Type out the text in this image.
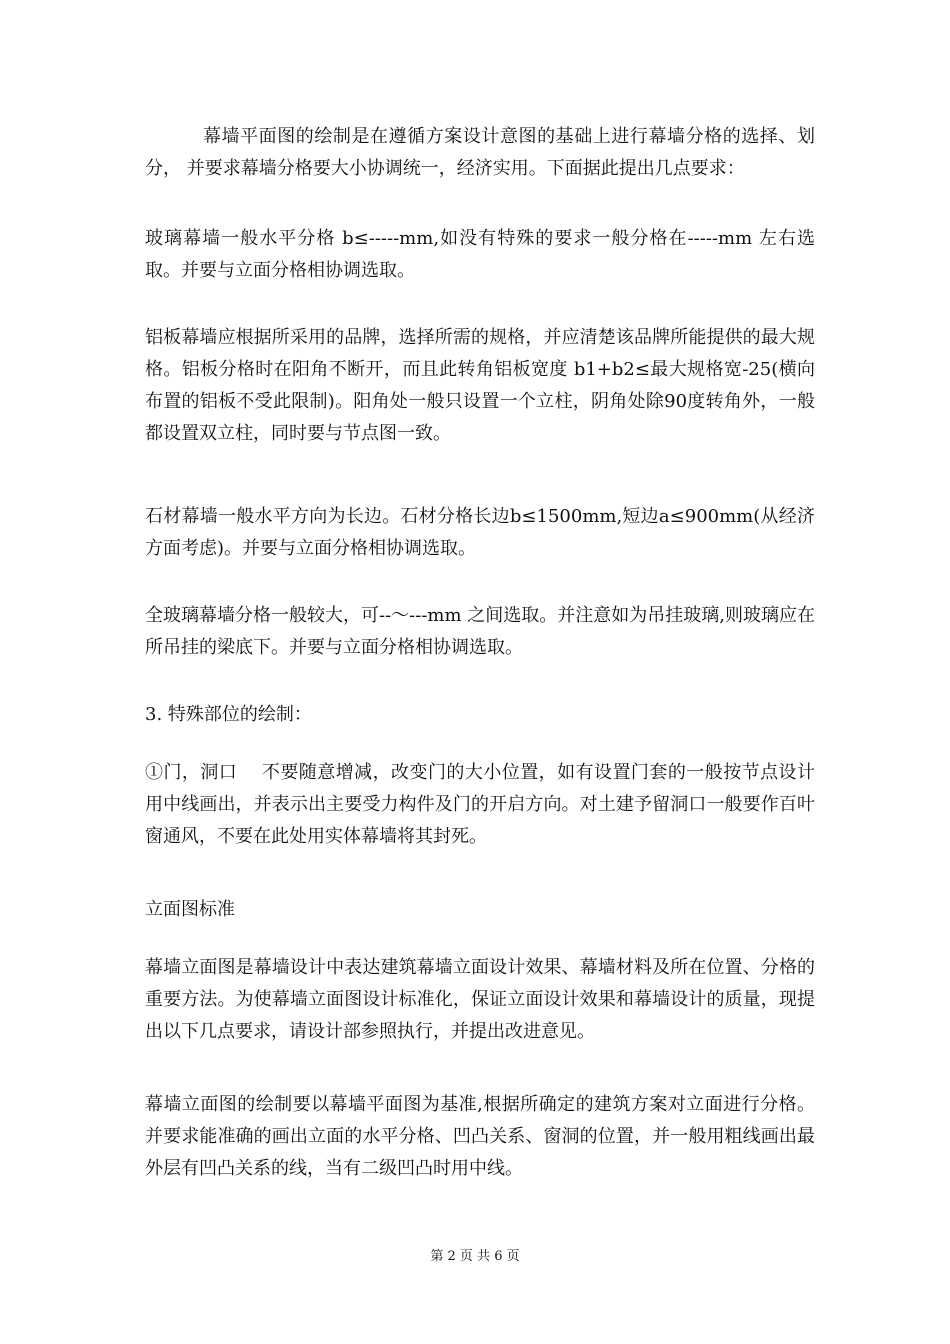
幕墙平面图的绘制是在遵循方案设计意图的基础上进行幕墙分格的选择、划分， 并要求幕墙分格要大小协调统一，经济实用。下面据此提出几点要求：

玻璃幕墙一般水平分格 b≤-----mm,如没有特殊的要求一般分格在-----mm 左右选取。并要与立面分格相协调选取。

铝板幕墙应根据所采用的品牌，选择所需的规格，并应清楚该品牌所能提供的最大规格。铝板分格时在阳角不断开，而且此转角铝板宽度 b1+b2≤最大规格宽-25(横向布置的铝板不受此限制)。阳角处一般只设置一个立柱，阴角处除90度转角外，一般都设置双立柱，同时要与节点图一致。

石材幕墙一般水平方向为长边。石材分格长边b≤1500mm,短边a≤900mm(从经济方面考虑)。并要与立面分格相协调选取。

全玻璃幕墙分格一般较大，可--～---mm 之间选取。并注意如为吊挂玻璃,则玻璃应在所吊挂的梁底下。并要与立面分格相协调选取。

3. 特殊部位的绘制：

①门，洞口　 不要随意增减，改变门的大小位置，如有设置门套的一般按节点设计用中线画出，并表示出主要受力构件及门的开启方向。对土建予留洞口一般要作百叶窗通风，不要在此处用实体幕墙将其封死。

立面图标准

幕墙立面图是幕墙设计中表达建筑幕墙立面设计效果、幕墙材料及所在位置、分格的重要方法。为使幕墙立面图设计标准化，保证立面设计效果和幕墙设计的质量，现提出以下几点要求，请设计部参照执行，并提出改进意见。

幕墙立面图的绘制要以幕墙平面图为基准,根据所确定的建筑方案对立面进行分格。并要求能准确的画出立面的水平分格、凹凸关系、窗洞的位置，并一般用粗线画出最外层有凹凸关系的线，当有二级凹凸时用中线。

第 2 页 共 6 页
